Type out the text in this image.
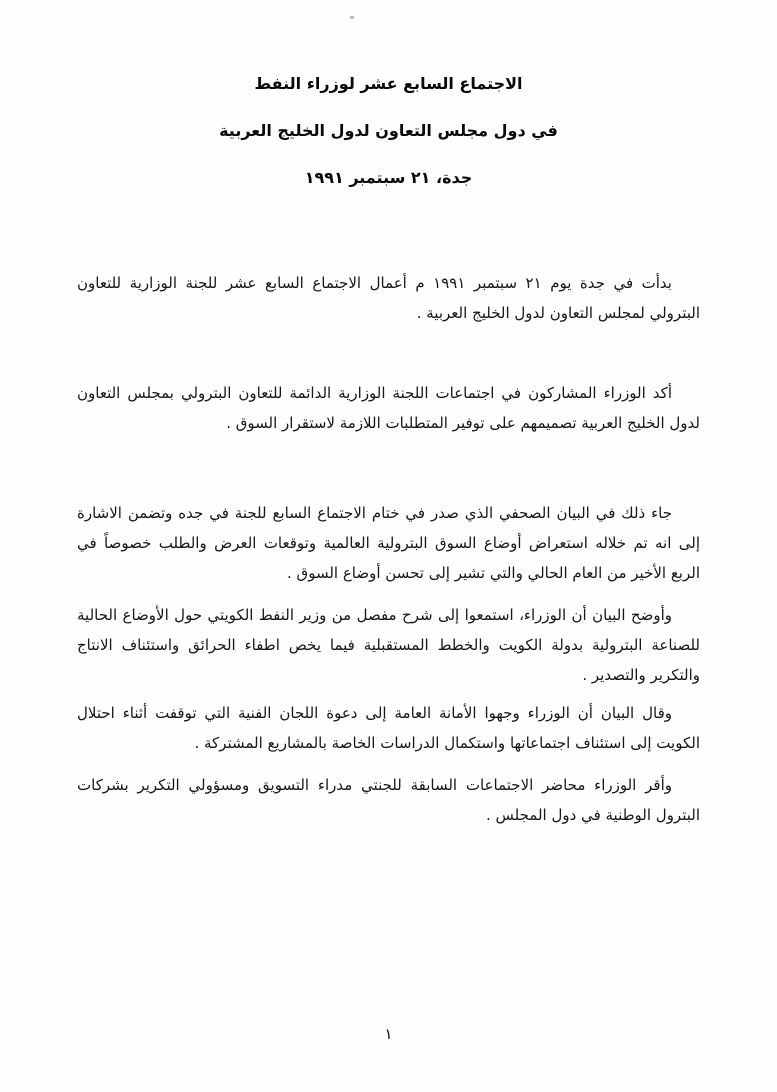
الاجتماع السابع عشر لوزراء النفط
في دول مجلس التعاون لدول الخليج العربية
جدة، ٢١ سبتمبر ١٩٩١

بدأت في جدة يوم ٢١ سبتمبر ١٩٩١ م أعمال الاجتماع السابع عشر للجنة الوزارية للتعاون البترولي لمجلس التعاون لدول الخليج العربية .

أكد الوزراء المشاركون في اجتماعات اللجنة الوزارية الدائمة للتعاون البترولي بمجلس التعاون لدول الخليج العربية تصميمهم على توفير المتطلبات اللازمة لاستقرار السوق .

جاء ذلك في البيان الصحفي الذي صدر في ختام الاجتماع السابع للجنة في جده وتضمن الاشارة إلى انه تم خلاله استعراض أوضاع السوق البترولية العالمية وتوقعات العرض والطلب خصوصاً في الربع الأخير من العام الحالي والتي تشير إلى تحسن أوضاع السوق .

وأوضح البيان أن الوزراء، استمعوا إلى شرح مفصل من وزير النفط الكويتي حول الأوضاع الحالية للصناعة البترولية بدولة الكويت والخطط المستقبلية فيما يخص اطفاء الحرائق واستئناف الانتاج والتكرير والتصدير .

وقال البيان أن الوزراء وجهوا الأمانة العامة إلى دعوة اللجان الفنية التي توقفت أثناء احتلال الكويت إلى استئناف اجتماعاتها واستكمال الدراسات الخاصة بالمشاريع المشتركة .

وأقر الوزراء محاضر الاجتماعات السابقة للجنتي مدراء التسويق ومسؤولي التكرير بشركات البترول الوطنية في دول المجلس .

١
